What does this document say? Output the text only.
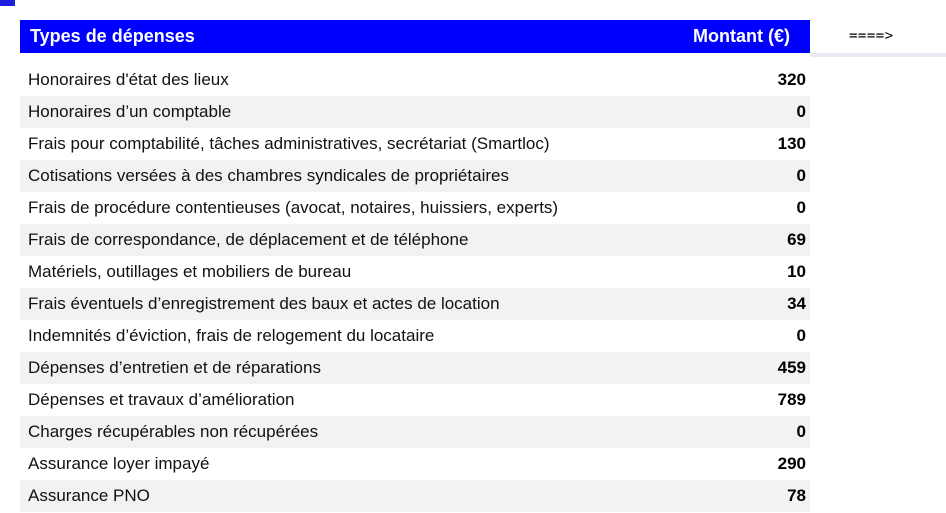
Types de dépenses	Montant (€)
Honoraires d'état des lieux	320
Honoraires d’un comptable	0
Frais pour comptabilité, tâches administratives, secrétariat (Smartloc)	130
Cotisations versées à des chambres syndicales de propriétaires	0
Frais de procédure contentieuses (avocat, notaires, huissiers, experts)	0
Frais de correspondance, de déplacement et de téléphone	69
Matériels, outillages et mobiliers de bureau	10
Frais éventuels d’enregistrement des baux et actes de location	34
Indemnités d’éviction, frais de relogement du locataire	0
Dépenses d’entretien et de réparations	459
Dépenses et travaux d’amélioration	789
Charges récupérables non récupérées	0
Assurance loyer impayé	290
Assurance PNO	78
====>
